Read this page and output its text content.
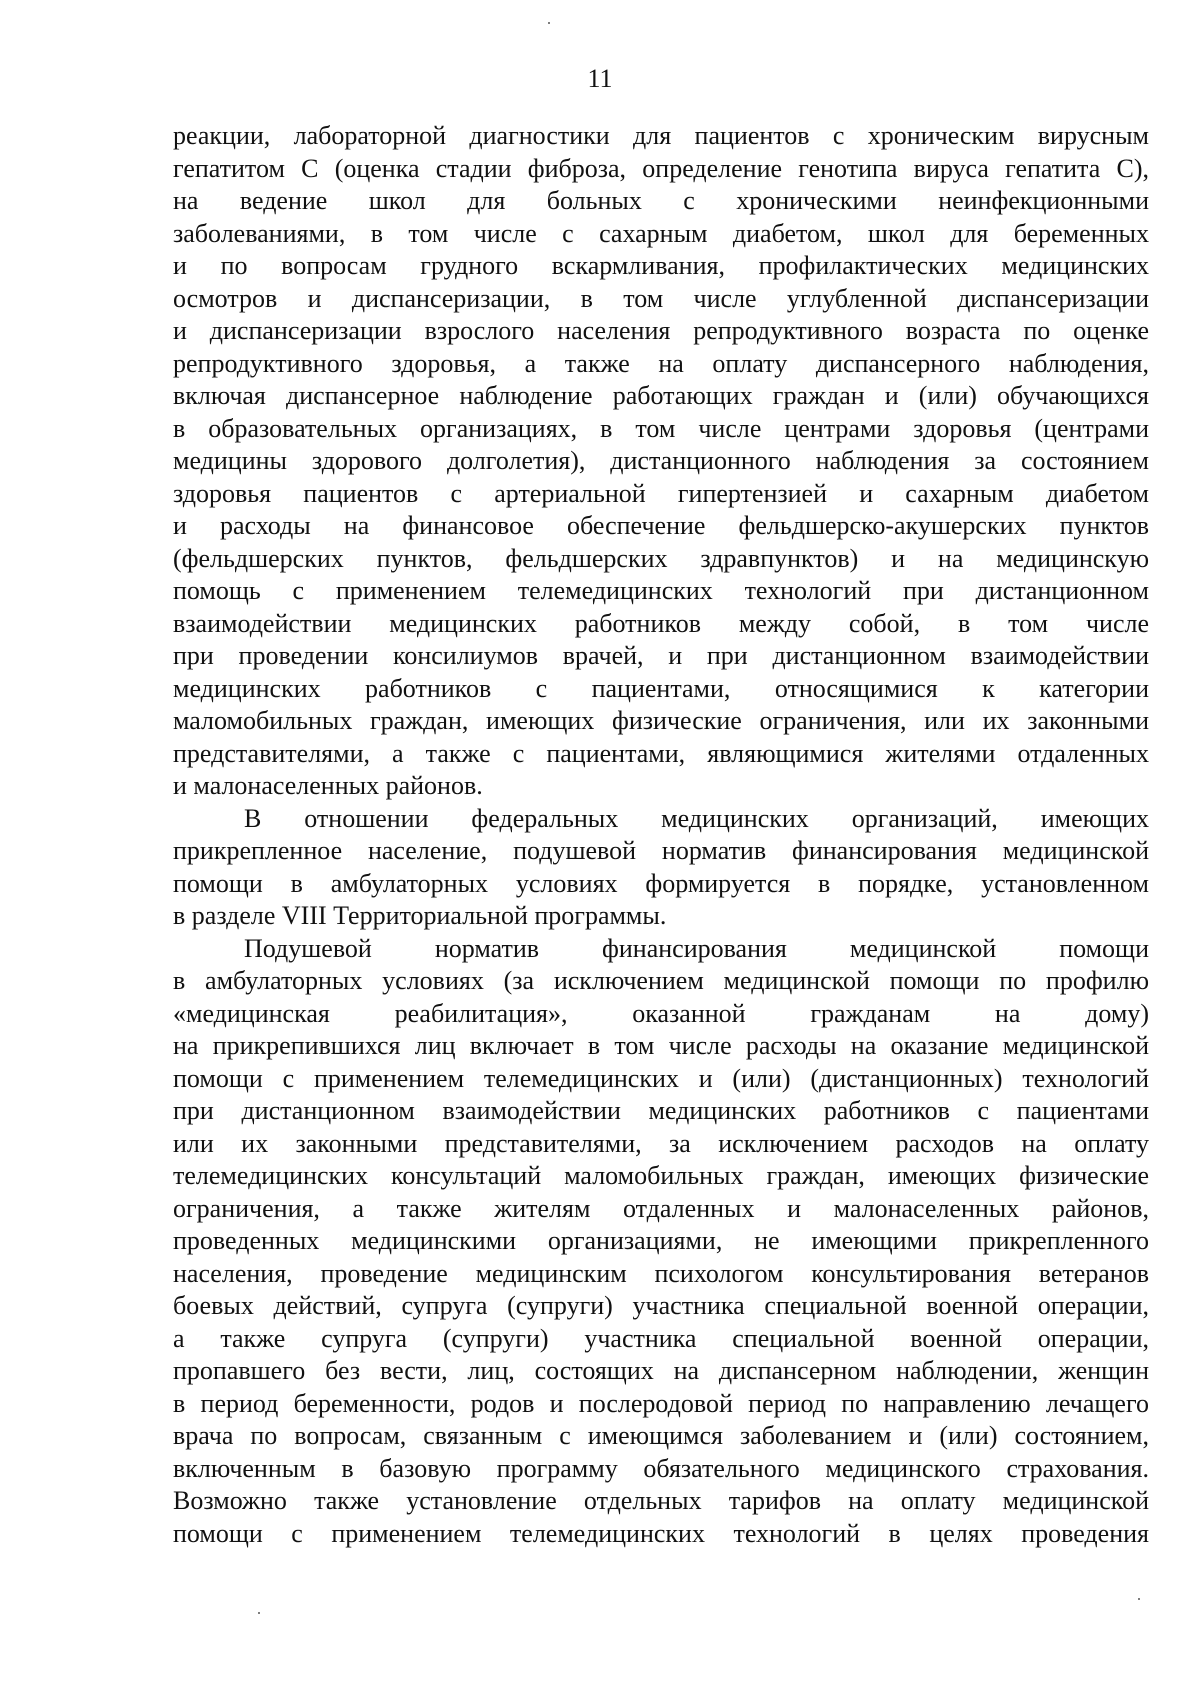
11
реакции, лабораторной диагностики для пациентов с хроническим вирусным
гепатитом С (оценка стадии фиброза, определение генотипа вируса гепатита С),
на ведение школ для больных с хроническими неинфекционными
заболеваниями, в том числе с сахарным диабетом, школ для беременных
и по вопросам грудного вскармливания, профилактических медицинских
осмотров и диспансеризации, в том числе углубленной диспансеризации
и диспансеризации взрослого населения репродуктивного возраста по оценке
репродуктивного здоровья, а также на оплату диспансерного наблюдения,
включая диспансерное наблюдение работающих граждан и (или) обучающихся
в образовательных организациях, в том числе центрами здоровья (центрами
медицины здорового долголетия), дистанционного наблюдения за состоянием
здоровья пациентов с артериальной гипертензией и сахарным диабетом
и расходы на финансовое обеспечение фельдшерско-акушерских пунктов
(фельдшерских пунктов, фельдшерских здравпунктов) и на медицинскую
помощь с применением телемедицинских технологий при дистанционном
взаимодействии медицинских работников между собой, в том числе
при проведении консилиумов врачей, и при дистанционном взаимодействии
медицинских работников с пациентами, относящимися к категории
маломобильных граждан, имеющих физические ограничения, или их законными
представителями, а также с пациентами, являющимися жителями отдаленных
и малонаселенных районов.
В отношении федеральных медицинских организаций, имеющих
прикрепленное население, подушевой норматив финансирования медицинской
помощи в амбулаторных условиях формируется в порядке, установленном
в разделе VIII Территориальной программы.
Подушевой норматив финансирования медицинской помощи
в амбулаторных условиях (за исключением медицинской помощи по профилю
«медицинская реабилитация», оказанной гражданам на дому)
на прикрепившихся лиц включает в том числе расходы на оказание медицинской
помощи с применением телемедицинских и (или) (дистанционных) технологий
при дистанционном взаимодействии медицинских работников с пациентами
или их законными представителями, за исключением расходов на оплату
телемедицинских консультаций маломобильных граждан, имеющих физические
ограничения, а также жителям отдаленных и малонаселенных районов,
проведенных медицинскими организациями, не имеющими прикрепленного
населения, проведение медицинским психологом консультирования ветеранов
боевых действий, супруга (супруги) участника специальной военной операции,
а также супруга (супруги) участника специальной военной операции,
пропавшего без вести, лиц, состоящих на диспансерном наблюдении, женщин
в период беременности, родов и послеродовой период по направлению лечащего
врача по вопросам, связанным с имеющимся заболеванием и (или) состоянием,
включенным в базовую программу обязательного медицинского страхования.
Возможно также установление отдельных тарифов на оплату медицинской
помощи с применением телемедицинских технологий в целях проведения
